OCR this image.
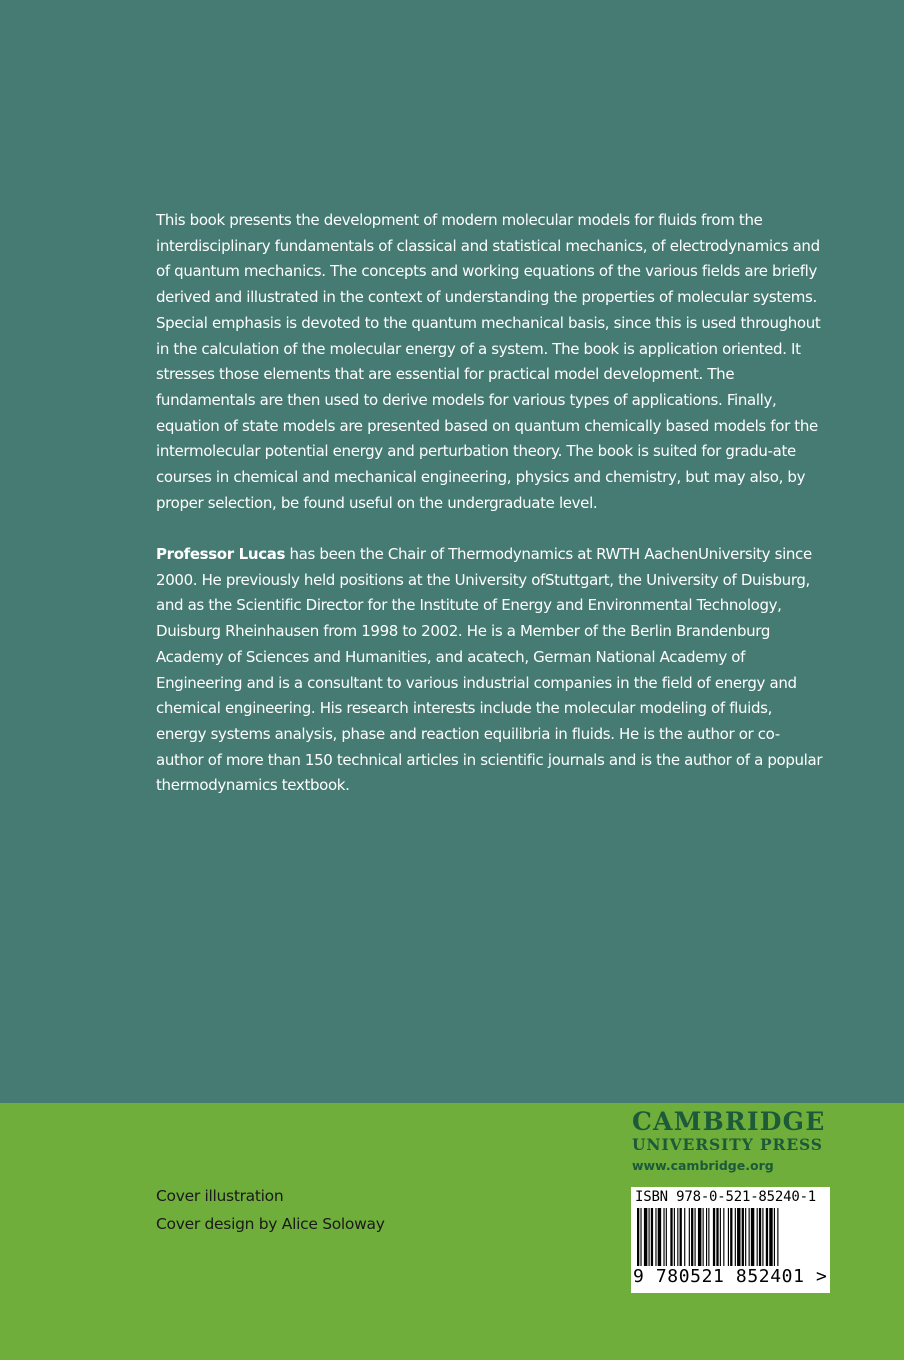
This book presents the development of modern molecular models for fluids from the interdisciplinary fundamentals of classical and statistical mechanics, of electrodynamics and of quantum mechanics. The concepts and working equations of the various fields are briefly derived and illustrated in the context of understanding the properties of molecular systems. Special emphasis is devoted to the quantum mechanical basis, since this is used throughout in the calculation of the molecular energy of a system. The book is application oriented. It stresses those elements that are essential for practical model development. The fundamentals are then used to derive models for various types of applications. Finally, equation of state models are presented based on quantum chemically based models for the intermolecular potential energy and perturbation theory. The book is suited for gradu-ate courses in chemical and mechanical engineering, physics and chemistry, but may also, by proper selection, be found useful on the undergraduate level.

Professor Lucas has been the Chair of Thermodynamics at RWTH AachenUniversity since 2000. He previously held positions at the University ofStuttgart, the University of Duisburg, and as the Scientific Director for the Institute of Energy and Environmental Technology, Duisburg Rheinhausen from 1998 to 2002. He is a Member of the Berlin Brandenburg Academy of Sciences and Humanities, and acatech, German National Academy of Engineering and is a consultant to various industrial companies in the field of energy and chemical engineering. His research interests include the molecular modeling of fluids, energy systems analysis, phase and reaction equilibria in fluids. He is the author or co-author of more than 150 technical articles in scientific journals and is the author of a popular thermodynamics textbook.

Cover illustration
Cover design by Alice Soloway
CAMBRIDGE
UNIVERSITY PRESS
www.cambridge.org
ISBN 978-0-521-85240-1
9 780521 852401 >
